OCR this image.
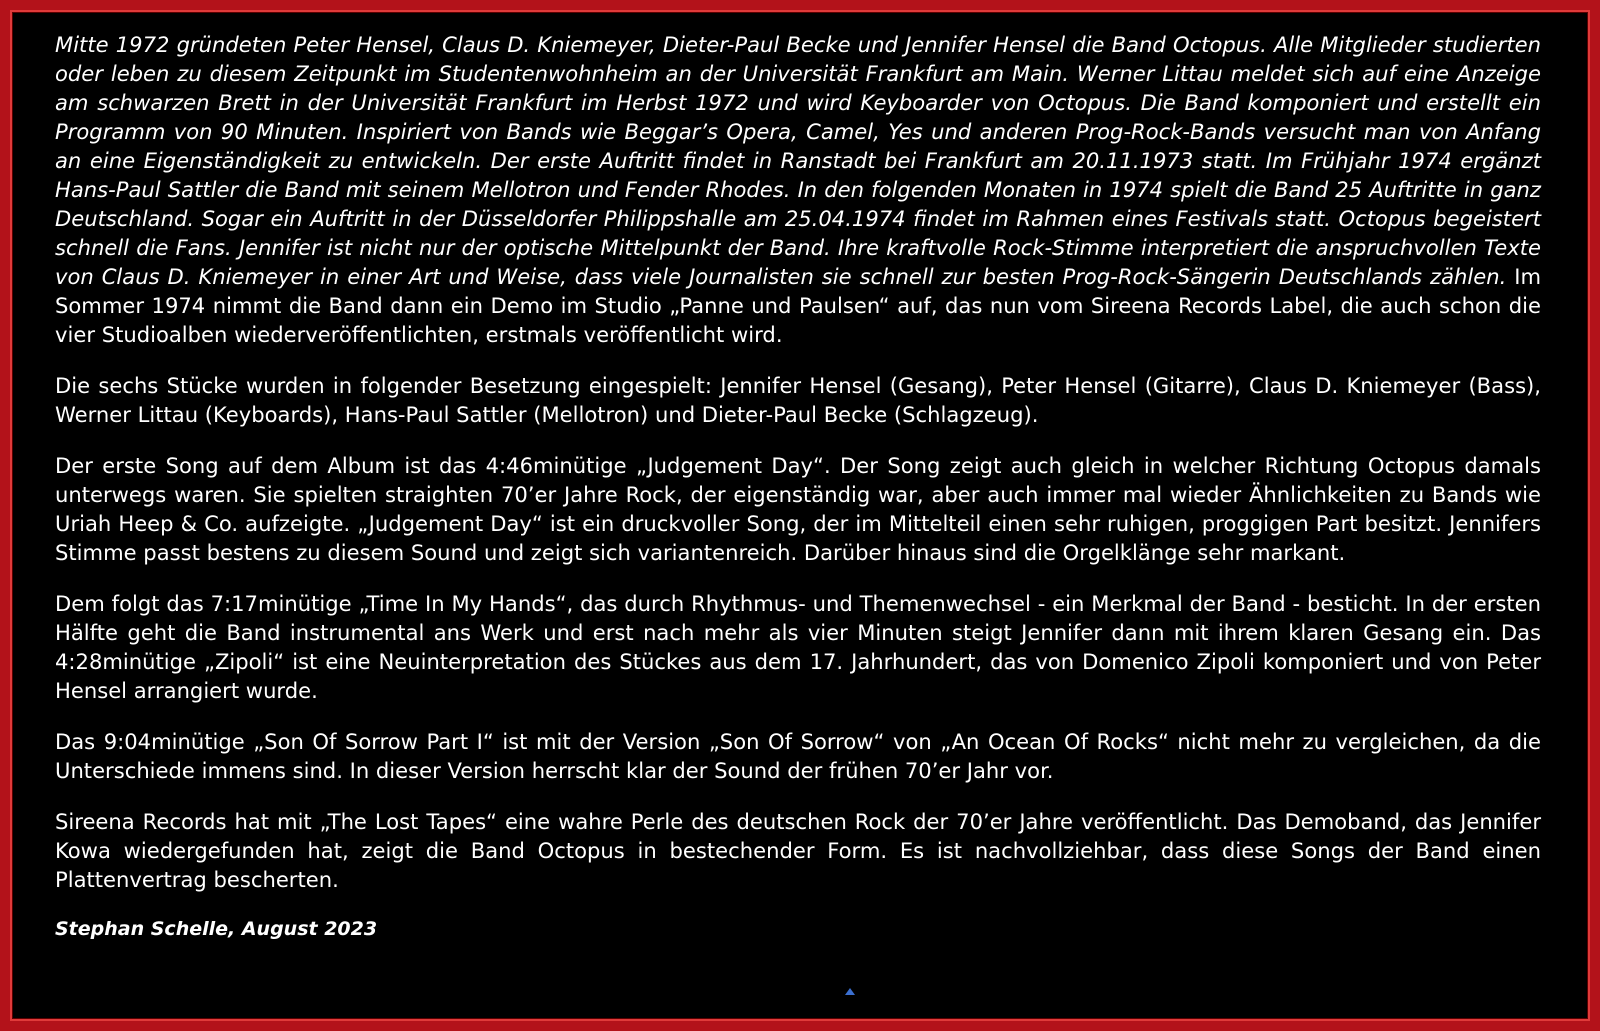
Mitte 1972 gründeten Peter Hensel, Claus D. Kniemeyer, Dieter-Paul Becke und Jennifer Hensel die Band Octopus. Alle Mitglieder studierten oder leben zu diesem Zeitpunkt im Studentenwohnheim an der Universität Frankfurt am Main. Werner Littau meldet sich auf eine Anzeige am schwarzen Brett in der Universität Frankfurt im Herbst 1972 und wird Keyboarder von Octopus. Die Band komponiert und erstellt ein Programm von 90 Minuten. Inspiriert von Bands wie Beggar’s Opera, Camel, Yes und anderen Prog-Rock-Bands versucht man von Anfang an eine Eigenständigkeit zu entwickeln. Der erste Auftritt findet in Ranstadt bei Frankfurt am 20.11.1973 statt. Im Frühjahr 1974 ergänzt Hans-Paul Sattler die Band mit seinem Mellotron und Fender Rhodes. In den folgenden Monaten in 1974 spielt die Band 25 Auftritte in ganz Deutschland. Sogar ein Auftritt in der Düsseldorfer Philippshalle am 25.04.1974 findet im Rahmen eines Festivals statt. Octopus begeistert schnell die Fans. Jennifer ist nicht nur der optische Mittelpunkt der Band. Ihre kraftvolle Rock-Stimme interpretiert die anspruchvollen Texte von Claus D. Kniemeyer in einer Art und Weise, dass viele Journalisten sie schnell zur besten Prog-Rock-Sängerin Deutschlands zählen. Im Sommer 1974 nimmt die Band dann ein Demo im Studio „Panne und Paulsen“ auf, das nun vom Sireena Records Label, die auch schon die vier Studioalben wiederveröffentlichten, erstmals veröffentlicht wird.

Die sechs Stücke wurden in folgender Besetzung eingespielt: Jennifer Hensel (Gesang), Peter Hensel (Gitarre), Claus D. Kniemeyer (Bass), Werner Littau (Keyboards), Hans-Paul Sattler (Mellotron) und Dieter-Paul Becke (Schlagzeug).

Der erste Song auf dem Album ist das 4:46minütige „Judgement Day“. Der Song zeigt auch gleich in welcher Richtung Octopus damals unterwegs waren. Sie spielten straighten 70’er Jahre Rock, der eigenständig war, aber auch immer mal wieder Ähnlichkeiten zu Bands wie Uriah Heep & Co. aufzeigte. „Judgement Day“ ist ein druckvoller Song, der im Mittelteil einen sehr ruhigen, proggigen Part besitzt. Jennifers Stimme passt bestens zu diesem Sound und zeigt sich variantenreich. Darüber hinaus sind die Orgelklänge sehr markant.

Dem folgt das 7:17minütige „Time In My Hands“, das durch Rhythmus- und Themenwechsel - ein Merkmal der Band - besticht. In der ersten Hälfte geht die Band instrumental ans Werk und erst nach mehr als vier Minuten steigt Jennifer dann mit ihrem klaren Gesang ein. Das 4:28minütige „Zipoli“ ist eine Neuinterpretation des Stückes aus dem 17. Jahrhundert, das von Domenico Zipoli komponiert und von Peter Hensel arrangiert wurde.

Das 9:04minütige „Son Of Sorrow Part I“ ist mit der Version „Son Of Sorrow“ von „An Ocean Of Rocks“ nicht mehr zu vergleichen, da die Unterschiede immens sind. In dieser Version herrscht klar der Sound der frühen 70’er Jahr vor.

Sireena Records hat mit „The Lost Tapes“ eine wahre Perle des deutschen Rock der 70’er Jahre veröffentlicht. Das Demoband, das Jennifer Kowa wiedergefunden hat, zeigt die Band Octopus in bestechender Form. Es ist nachvollziehbar, dass diese Songs der Band einen Plattenvertrag bescherten.

Stephan Schelle, August 2023
